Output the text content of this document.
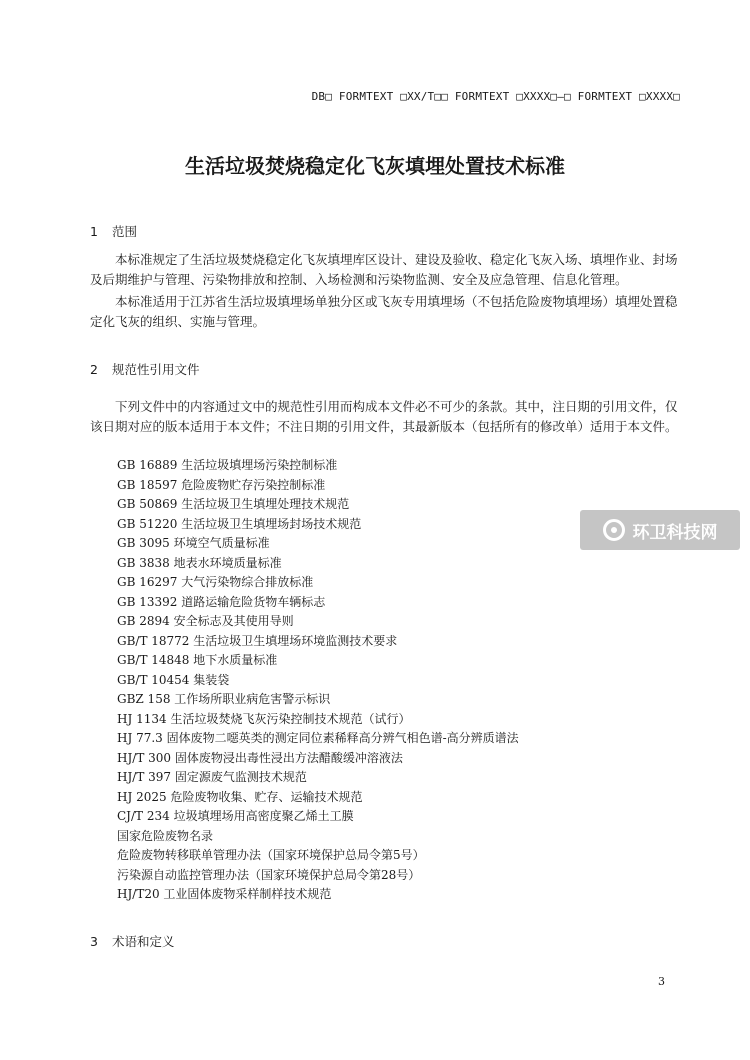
DB□ FORMTEXT □XX/T□□ FORMTEXT □XXXX□—□ FORMTEXT □XXXX□
生活垃圾焚烧稳定化飞灰填埋处置技术标准
1 范围

本标准规定了生活垃圾焚烧稳定化飞灰填埋库区设计、建设及验收、稳定化飞灰入场、填埋作业、封场及后期维护与管理、污染物排放和控制、入场检测和污染物监测、安全及应急管理、信息化管理。

本标准适用于江苏省生活垃圾填埋场单独分区或飞灰专用填埋场（不包括危险废物填埋场）填埋处置稳定化飞灰的组织、实施与管理。

2 规范性引用文件

下列文件中的内容通过文中的规范性引用而构成本文件必不可少的条款。其中，注日期的引用文件，仅该日期对应的版本适用于本文件；不注日期的引用文件，其最新版本（包括所有的修改单）适用于本文件。

GB 16889 生活垃圾填埋场污染控制标准
GB 18597 危险废物贮存污染控制标准
GB 50869 生活垃圾卫生填埋处理技术规范
GB 51220 生活垃圾卫生填埋场封场技术规范
GB 3095 环境空气质量标准
GB 3838 地表水环境质量标准
GB 16297 大气污染物综合排放标准
GB 13392 道路运输危险货物车辆标志
GB 2894 安全标志及其使用导则
GB/T 18772 生活垃圾卫生填埋场环境监测技术要求
GB/T 14848 地下水质量标准
GB/T 10454 集装袋
GBZ 158 工作场所职业病危害警示标识
HJ 1134 生活垃圾焚烧飞灰污染控制技术规范（试行）
HJ 77.3 固体废物二噁英类的测定同位素稀释高分辨气相色谱-高分辨质谱法
HJ/T 300 固体废物浸出毒性浸出方法醋酸缓冲溶液法
HJ/T 397 固定源废气监测技术规范
HJ 2025 危险废物收集、贮存、运输技术规范
CJ/T 234 垃圾填埋场用高密度聚乙烯土工膜
国家危险废物名录
危险废物转移联单管理办法（国家环境保护总局令第5号）
污染源自动监控管理办法（国家环境保护总局令第28号）
HJ/T20 工业固体废物采样制样技术规范
3 术语和定义
环卫科技网
3
